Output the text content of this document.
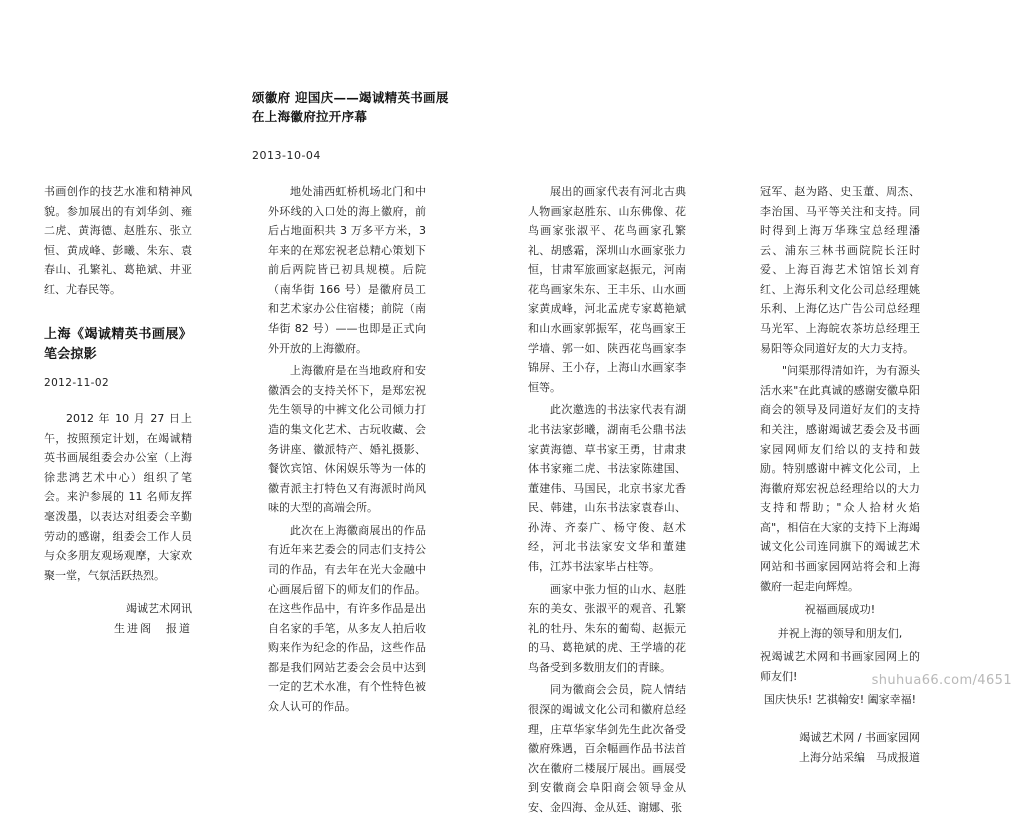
颂徽府 迎国庆——竭诚精英书画展
在上海徽府拉开序幕
2013-10-04

书画创作的技艺水准和精神风貌。参加展出的有刘华剑、雍二虎、黄海德、赵胜东、张立恒、黄成峰、彭曦、朱东、袁春山、孔繁礼、葛艳斌、井亚红、尤春民等。

上海《竭诚精英书画展》笔会掠影
2012-11-02

2012 年 10 月 27 日上午，按照预定计划，在竭诚精英书画展组委会办公室（上海徐悲鸿艺术中心）组织了笔会。来沪参展的 11 名师友挥毫泼墨，以表达对组委会辛勤劳动的感谢，组委会工作人员与众多朋友观场观摩，大家欢聚一堂，气氛活跃热烈。

竭诚艺术网讯
生进阁　报道

地处浦西虹桥机场北门和中外环线的入口处的海上徽府，前后占地面积共 3 万多平方米，3 年来的在郑宏祝老总精心策划下前后两院皆已初具规模。后院（南华街 166 号）是徽府员工和艺术家办公住宿楼；前院（南华街 82 号）——也即是正式向外开放的上海徽府。

上海徽府是在当地政府和安徽酒会的支持关怀下，是郑宏祝先生领导的中裤文化公司倾力打造的集文化艺术、古玩收藏、会务讲座、徽派特产、婚礼摄影、餐饮宾馆、休闲娱乐等为一体的徽青派主打特色又有海派时尚风味的大型的高端会所。

此次在上海徽商展出的作品有近年来艺委会的同志们支持公司的作品，有去年在光大金融中心画展后留下的师友们的作品。在这些作品中，有许多作品是出自名家的手笔，从多友人拍后收购来作为纪念的作品，这些作品都是我们网站艺委会会员中达到一定的艺术水准，有个性特色被众人认可的作品。

展出的画家代表有河北古典人物画家赵胜东、山东佛像、花鸟画家张淑平、花鸟画家孔繁礼、胡感霜，深圳山水画家张力恒，甘肃军旅画家赵振元，河南花鸟画家朱东、王丰乐、山水画家黄成峰，河北孟虎专家葛艳斌和山水画家郭振军，花鸟画家王学墙、郭一如、陕西花鸟画家李锦屏、王小存，上海山水画家李恒等。

此次邀选的书法家代表有湖北书法家彭曦，湖南毛公鼎书法家黄海德、草书家王勇，甘肃隶体书家雍二虎、书法家陈建国、董建伟、马国民，北京书家尤香民、韩建，山东书法家袁春山、孙涛、齐泰广、杨守俊、赵术经，河北书法家安文华和董建伟，江苏书法家毕占柱等。

画家中张力恒的山水、赵胜东的美女、张淑平的观音、孔繁礼的牡丹、朱东的葡萄、赵振元的马、葛艳斌的虎、王学墙的花鸟备受到多数朋友们的青睐。

同为徽商会会员，院人情结很深的竭诚文化公司和徽府总经理，庄草华家华剑先生此次备受徽府殊遇，百余幅画作品书法首次在徽府二楼展厅展出。画展受到安徽商会阜阳商会领导金从安、金四海、金从廷、谢娜、张

冠军、赵为路、史玉董、周杰、李治国、马平等关注和支持。同时得到上海万华珠宝总经理潘云、浦东三林书画院院长汪时爱、上海百海艺术馆馆长刘育红、上海乐利文化公司总经理姚乐利、上海亿达广告公司总经理马光军、上海皖农茶坊总经理王易阳等众同道好友的大力支持。

"问渠那得清如许，为有源头活水来"在此真诚的感谢安徽阜阳商会的领导及同道好友们的支持和关注，感谢竭诚艺委会及书画家园网师友们给以的支持和鼓励。特别感谢中裤文化公司，上海徽府郑宏祝总经理给以的大力支持和帮助；"众人拾材火焰高"，相信在大家的支持下上海竭诚文化公司连同旗下的竭诚艺术网站和书画家园网站将会和上海徽府一起走向辉煌。

祝福画展成功!
并祝上海的领导和朋友们,
祝竭诚艺术网和书画家园网上的师友们!
国庆快乐! 艺祺翰安! 阖家幸福!
竭诚艺术网 / 书画家园网
上海分站采编　马成报道
shuhua66.com/4651
